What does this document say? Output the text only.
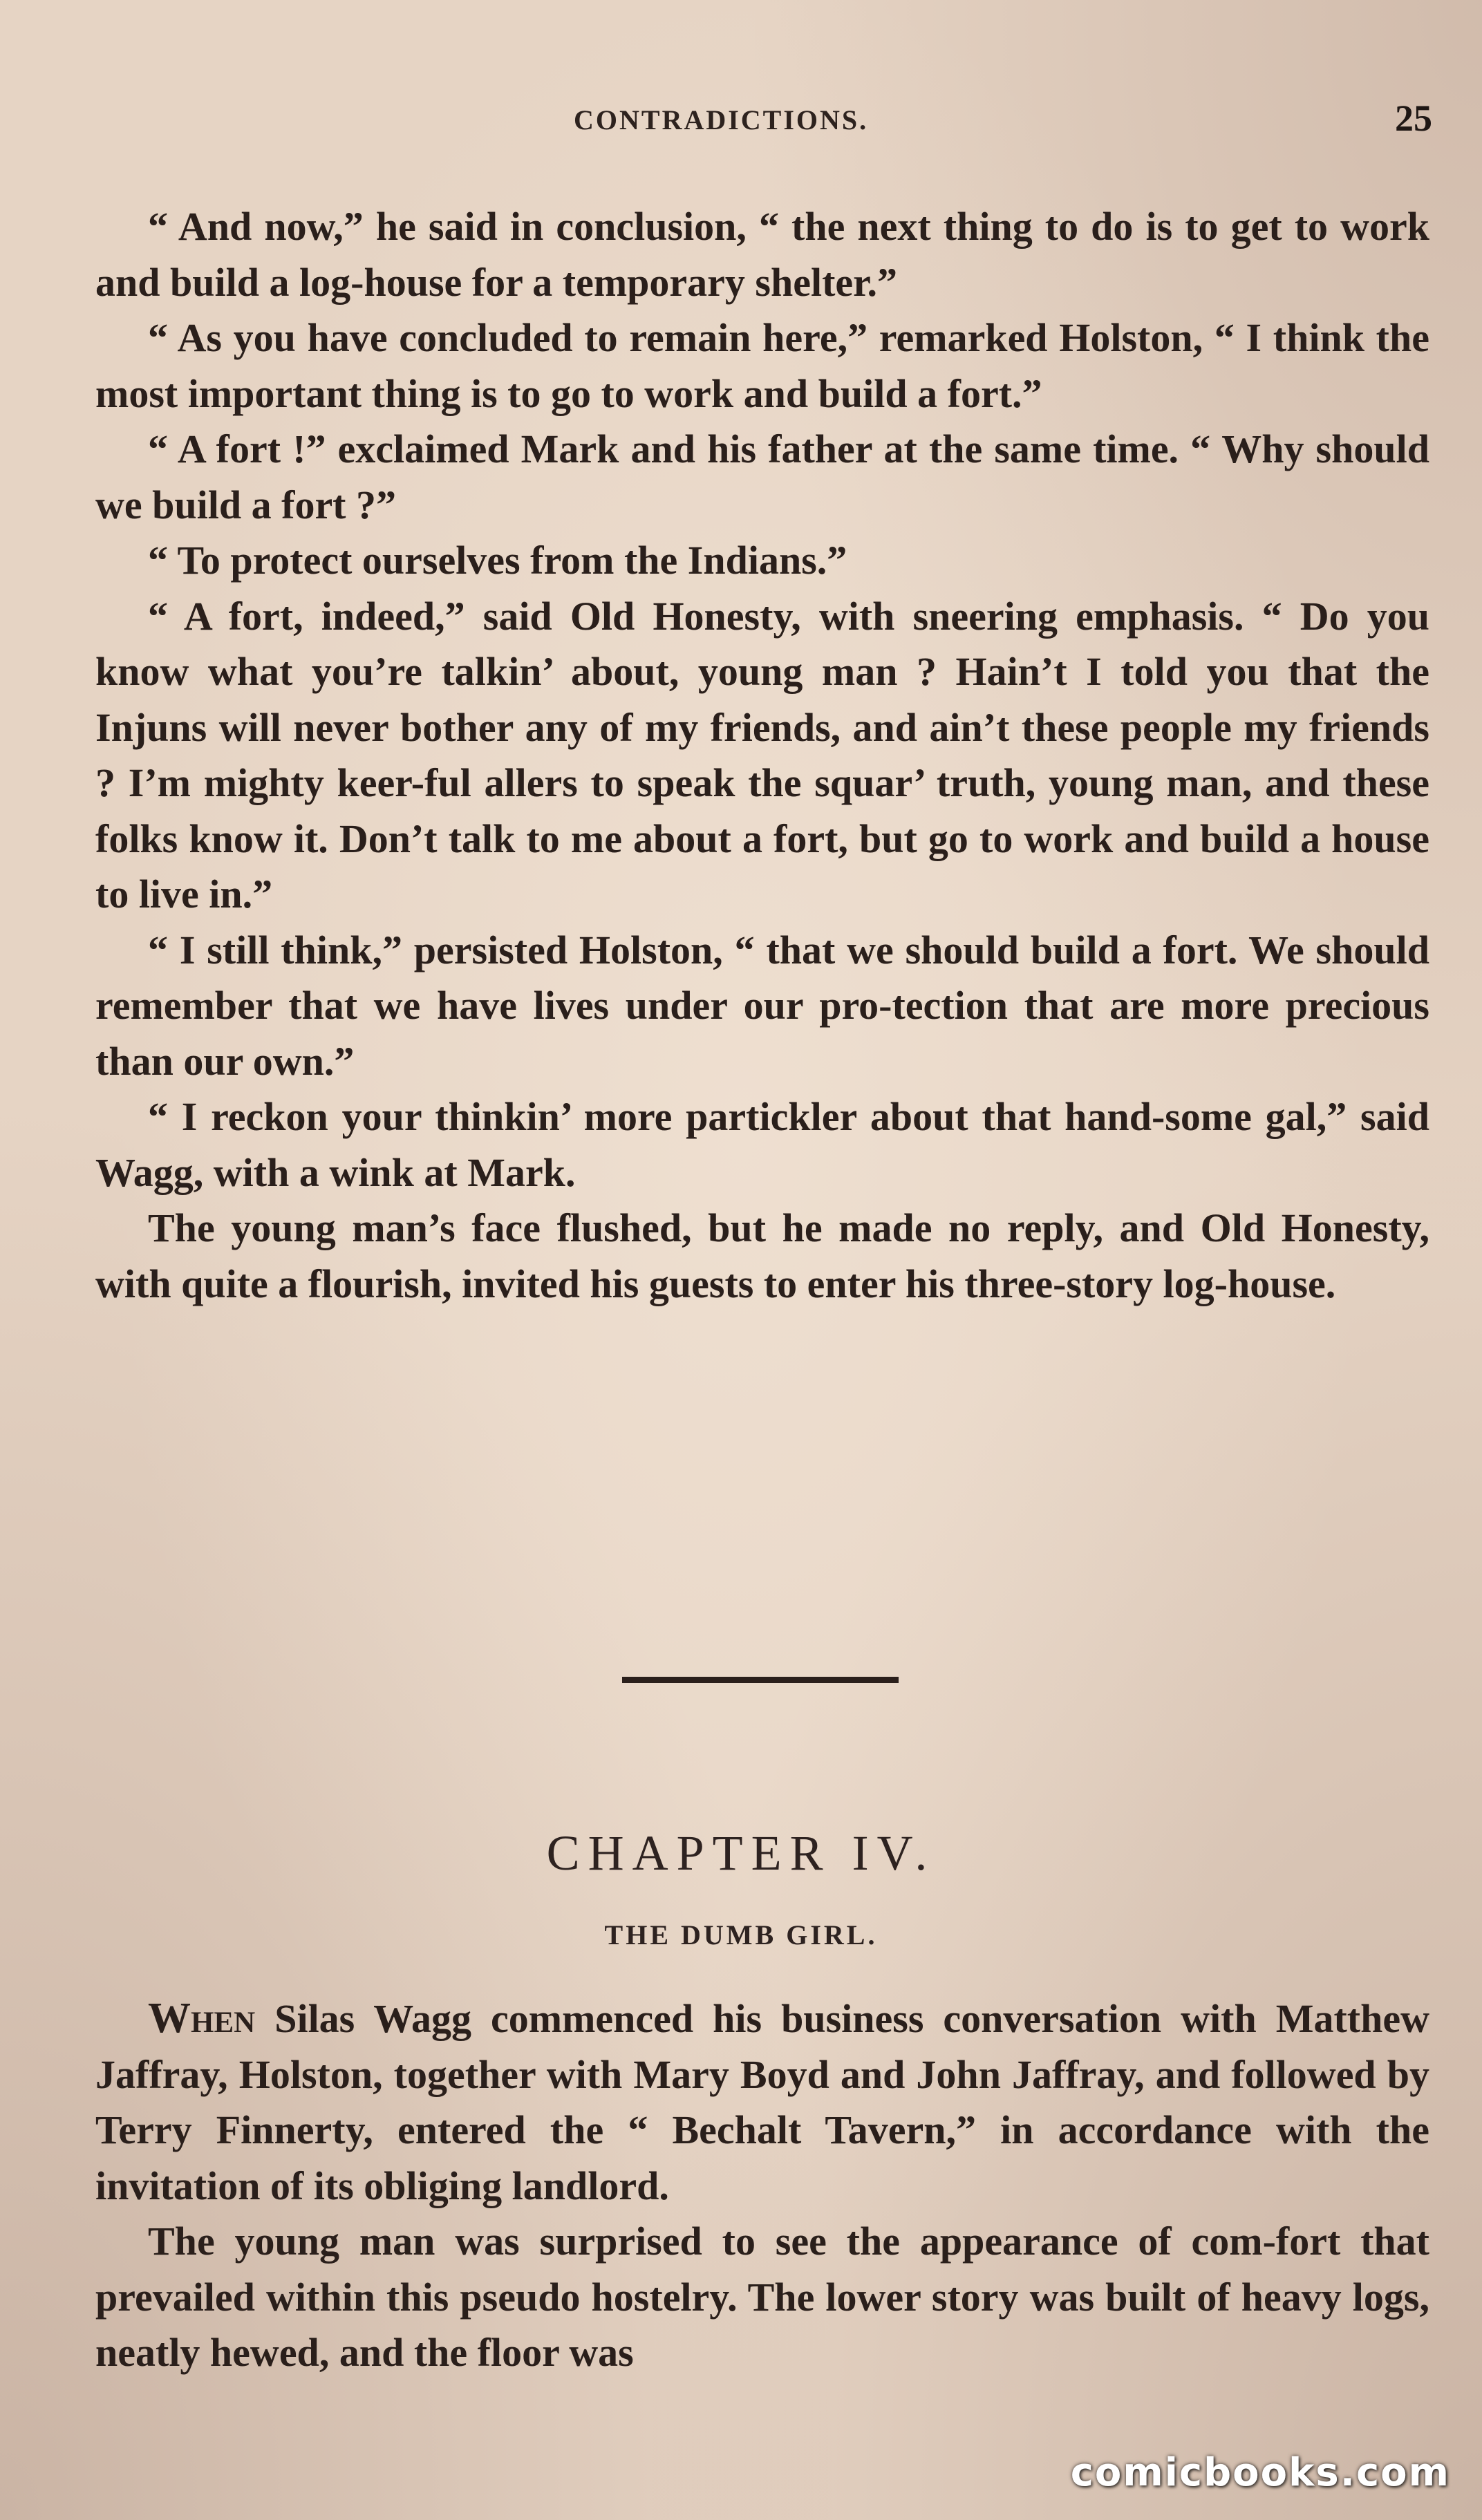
CONTRADICTIONS.	25

“ And now,” he said in conclusion, “ the next thing to do is to get to work and build a log-house for a temporary shelter.”

“ As you have concluded to remain here,” remarked Holston, “ I think the most important thing is to go to work and build a fort.”

“ A fort !” exclaimed Mark and his father at the same time. “ Why should we build a fort ?”

“ To protect ourselves from the Indians.”

“ A fort, indeed,” said Old Honesty, with sneering emphasis. “ Do you know what you’re talkin’ about, young man ? Hain’t I told you that the Injuns will never bother any of my friends, and ain’t these people my friends ? I’m mighty keer-ful allers to speak the squar’ truth, young man, and these folks know it. Don’t talk to me about a fort, but go to work and build a house to live in.”

“ I still think,” persisted Holston, “ that we should build a fort. We should remember that we have lives under our pro-tection that are more precious than our own.”

“ I reckon your thinkin’ more partickler about that hand-some gal,” said Wagg, with a wink at Mark.

The young man’s face flushed, but he made no reply, and Old Honesty, with quite a flourish, invited his guests to enter his three-story log-house.

CHAPTER IV.
THE DUMB GIRL.

When Silas Wagg commenced his business conversation with Matthew Jaffray, Holston, together with Mary Boyd and John Jaffray, and followed by Terry Finnerty, entered the “ Bechalt Tavern,” in accordance with the invitation of its obliging landlord.

The young man was surprised to see the appearance of com-fort that prevailed within this pseudo hostelry. The lower story was built of heavy logs, neatly hewed, and the floor was

comicbooks.com
